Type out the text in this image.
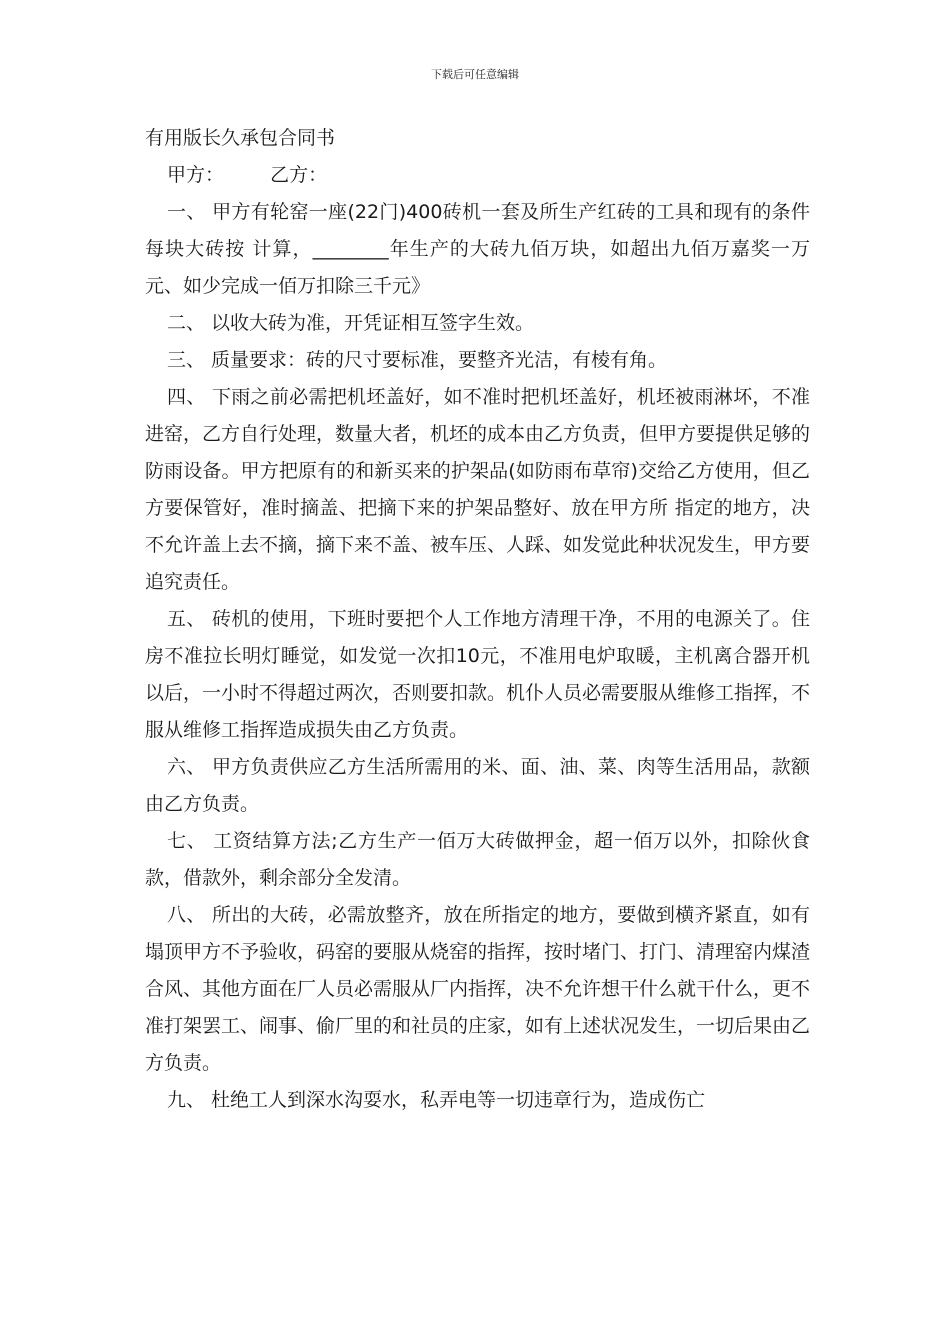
下载后可任意编辑

有用版长久承包合同书

甲方： 乙方：

一、 甲方有轮窑一座(22门)400砖机一套及所生产红砖的工具和现有的条件每块大砖按 计算，________年生产的大砖九佰万块，如超出九佰万嘉奖一万元、如少完成一佰万扣除三千元》

二、 以收大砖为准，开凭证相互签字生效。

三、 质量要求：砖的尺寸要标准，要整齐光洁，有棱有角。

四、 下雨之前必需把机坯盖好，如不准时把机坯盖好，机坯被雨淋坏，不准进窑，乙方自行处理，数量大者，机坯的成本由乙方负责，但甲方要提供足够的防雨设备。甲方把原有的和新买来的护架品(如防雨布草帘)交给乙方使用，但乙方要保管好，准时摘盖、把摘下来的护架品整好、放在甲方所 指定的地方，决不允许盖上去不摘，摘下来不盖、被车压、人踩、如发觉此种状况发生，甲方要追究责任。

五、 砖机的使用，下班时要把个人工作地方清理干净，不用的电源关了。住房不准拉长明灯睡觉，如发觉一次扣10元，不准用电炉取暖，主机离合器开机以后，一小时不得超过两次，否则要扣款。机仆人员必需要服从维修工指挥，不服从维修工指挥造成损失由乙方负责。

六、 甲方负责供应乙方生活所需用的米、面、油、菜、肉等生活用品，款额由乙方负责。

七、 工资结算方法;乙方生产一佰万大砖做押金，超一佰万以外，扣除伙食款，借款外，剩余部分全发清。

八、 所出的大砖，必需放整齐，放在所指定的地方，要做到横齐紧直，如有塌顶甲方不予验收，码窑的要服从烧窑的指挥，按时堵门、打门、清理窑内煤渣合风、其他方面在厂人员必需服从厂内指挥，决不允许想干什么就干什么，更不准打架罢工、闹事、偷厂里的和社员的庄家，如有上述状况发生，一切后果由乙方负责。

九、 杜绝工人到深水沟耍水，私弄电等一切违章行为，造成伤亡
